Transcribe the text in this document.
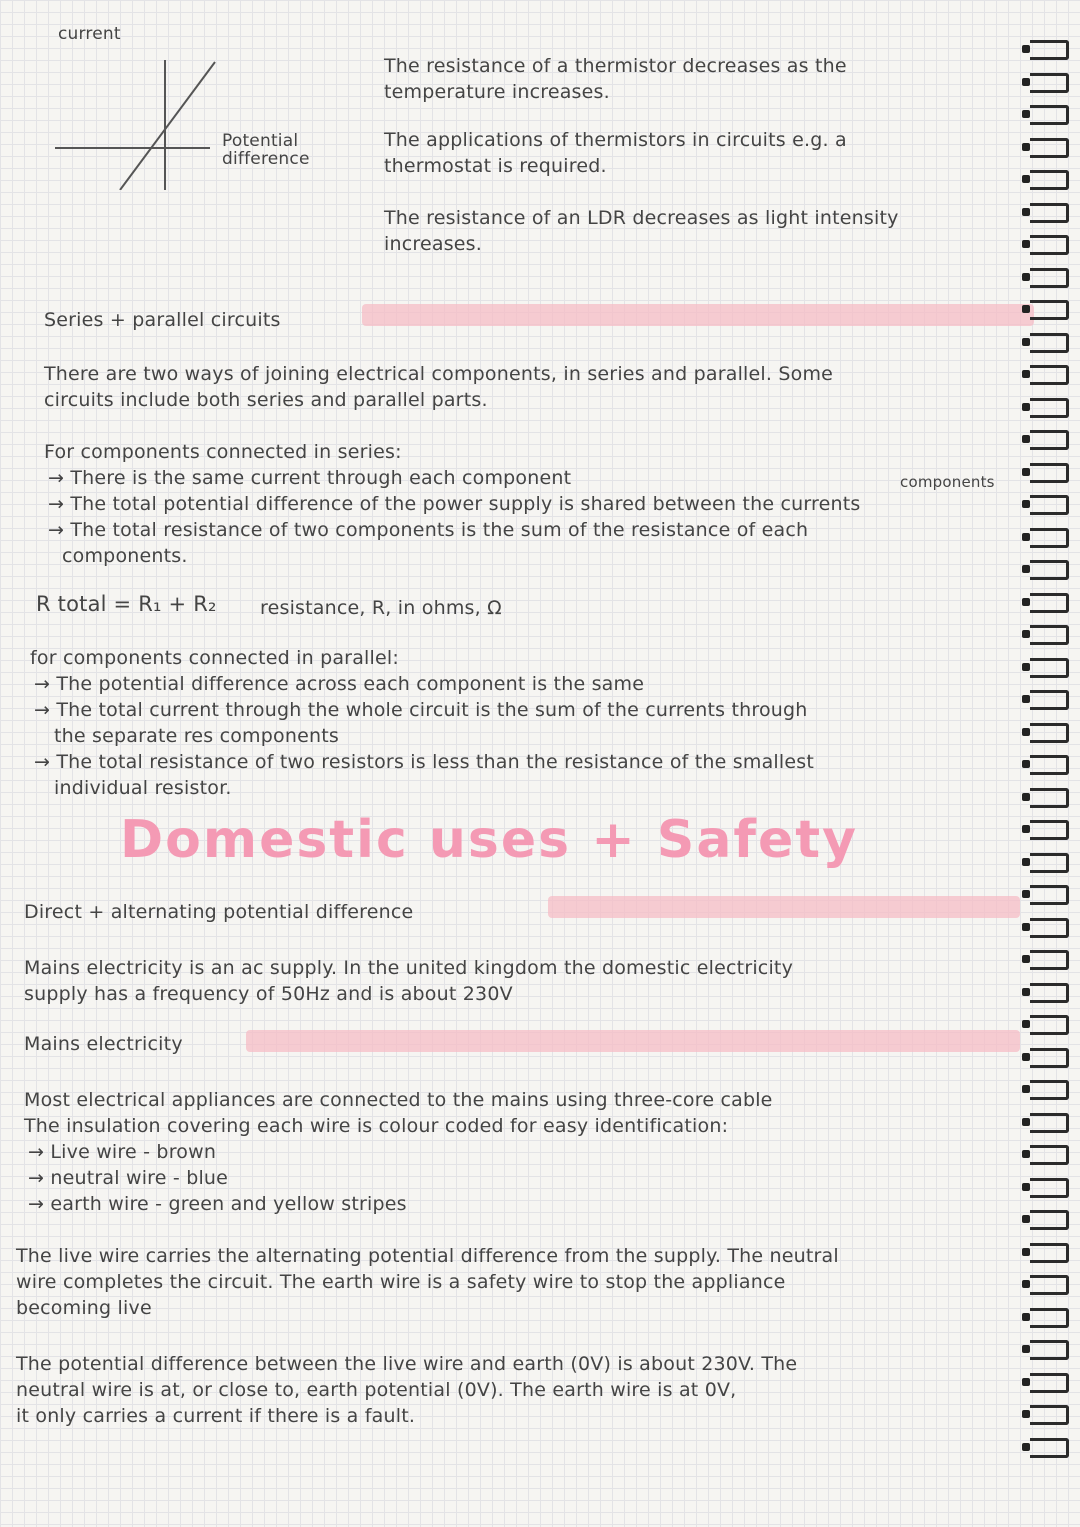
current

Potential

difference

The resistance of a thermistor decreases as the

temperature increases.

The applications of thermistors in circuits e.g. a

thermostat is required.

The resistance of an LDR decreases as light intensity

increases.

Series + parallel circuits

There are two ways of joining electrical components, in series and parallel. Some

circuits include both series and parallel parts.

For components connected in series:

components

→ There is the same current through each component

→ The total potential difference of the power supply is shared between the currents

→ The total resistance of two components is the sum of the resistance of each

components.

R total = R₁ + R₂ resistance, R, in ohms, Ω

for components connected in parallel:

→ The potential difference across each component is the same

→ The total current through the whole circuit is the sum of the currents through

the separate res components

→ The total resistance of two resistors is less than the resistance of the smallest

individual resistor.

Domestic uses + Safety

Direct + alternating potential difference

Mains electricity is an ac supply. In the united kingdom the domestic electricity

supply has a frequency of 50Hz and is about 230V

Mains electricity

Most electrical appliances are connected to the mains using three-core cable

The insulation covering each wire is colour coded for easy identification:

→ Live wire - brown

→ neutral wire - blue

→ earth wire - green and yellow stripes

The live wire carries the alternating potential difference from the supply. The neutral

wire completes the circuit. The earth wire is a safety wire to stop the appliance

becoming live

The potential difference between the live wire and earth (0V) is about 230V. The

neutral wire is at, or close to, earth potential (0V). The earth wire is at 0V,

it only carries a current if there is a fault.
